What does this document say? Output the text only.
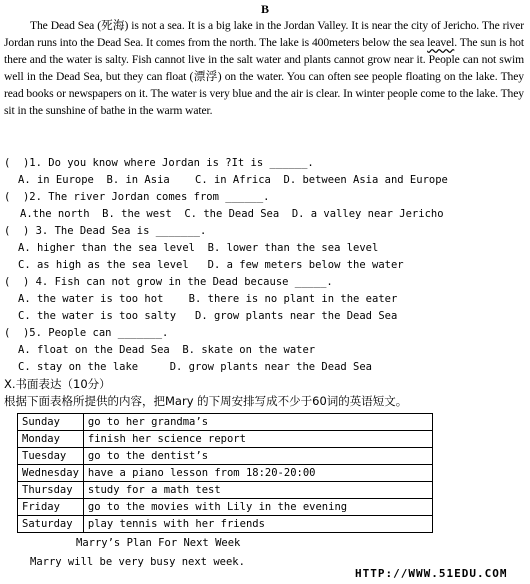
B
The Dead Sea (死海) is not a sea. It is a big lake in the Jordan Valley. It is near the city of Jericho. The river Jordan runs into the Dead Sea. It comes from the north. The lake is 400meters below the sea leavel. The sun is hot there and the water is salty. Fish cannot live in the salt water and plants cannot grow near it. People can not swim well in the Dead Sea, but they can float (漂浮) on the water. You can often see people floating on the lake. They read books or newspapers on it. The water is very blue and the air is clear. In winter people come to the lake. They sit in the sunshine of bathe in the warm water.
(  )1. Do you know where Jordan is ?It is ______.
A. in Europe  B. in Asia    C. in Africa  D. between Asia and Europe
(  )2. The river Jordan comes from ______.
A.the north  B. the west  C. the Dead Sea  D. a valley near Jericho
(  ) 3. The Dead Sea is _______.
A. higher than the sea level  B. lower than the sea level
C. as high as the sea level   D. a few meters below the water
(  ) 4. Fish can not grow in the Dead because _____.
A. the water is too hot    B. there is no plant in the eater
C. the water is too salty   D. grow plants near the Dead Sea
(  )5. People can _______.
A. float on the Dead Sea  B. skate on the water
C. stay on the lake     D. grow plants near the Dead Sea
X.书面表达（10分）
根据下面表格所提供的内容，把Mary 的下周安排写成不少于60词的英语短文。
Sunday	go to her grandma’s
Monday	finish her science report
Tuesday	go to the dentist’s
Wednesday	have a piano lesson from 18:20-20:00
Thursday	study for a math test
Friday	go to the movies with Lily in the evening
Saturday	play tennis with her friends
Marry’s Plan For Next Week
Marry will be very busy next week.
HTTP://WWW.51EDU.COM
